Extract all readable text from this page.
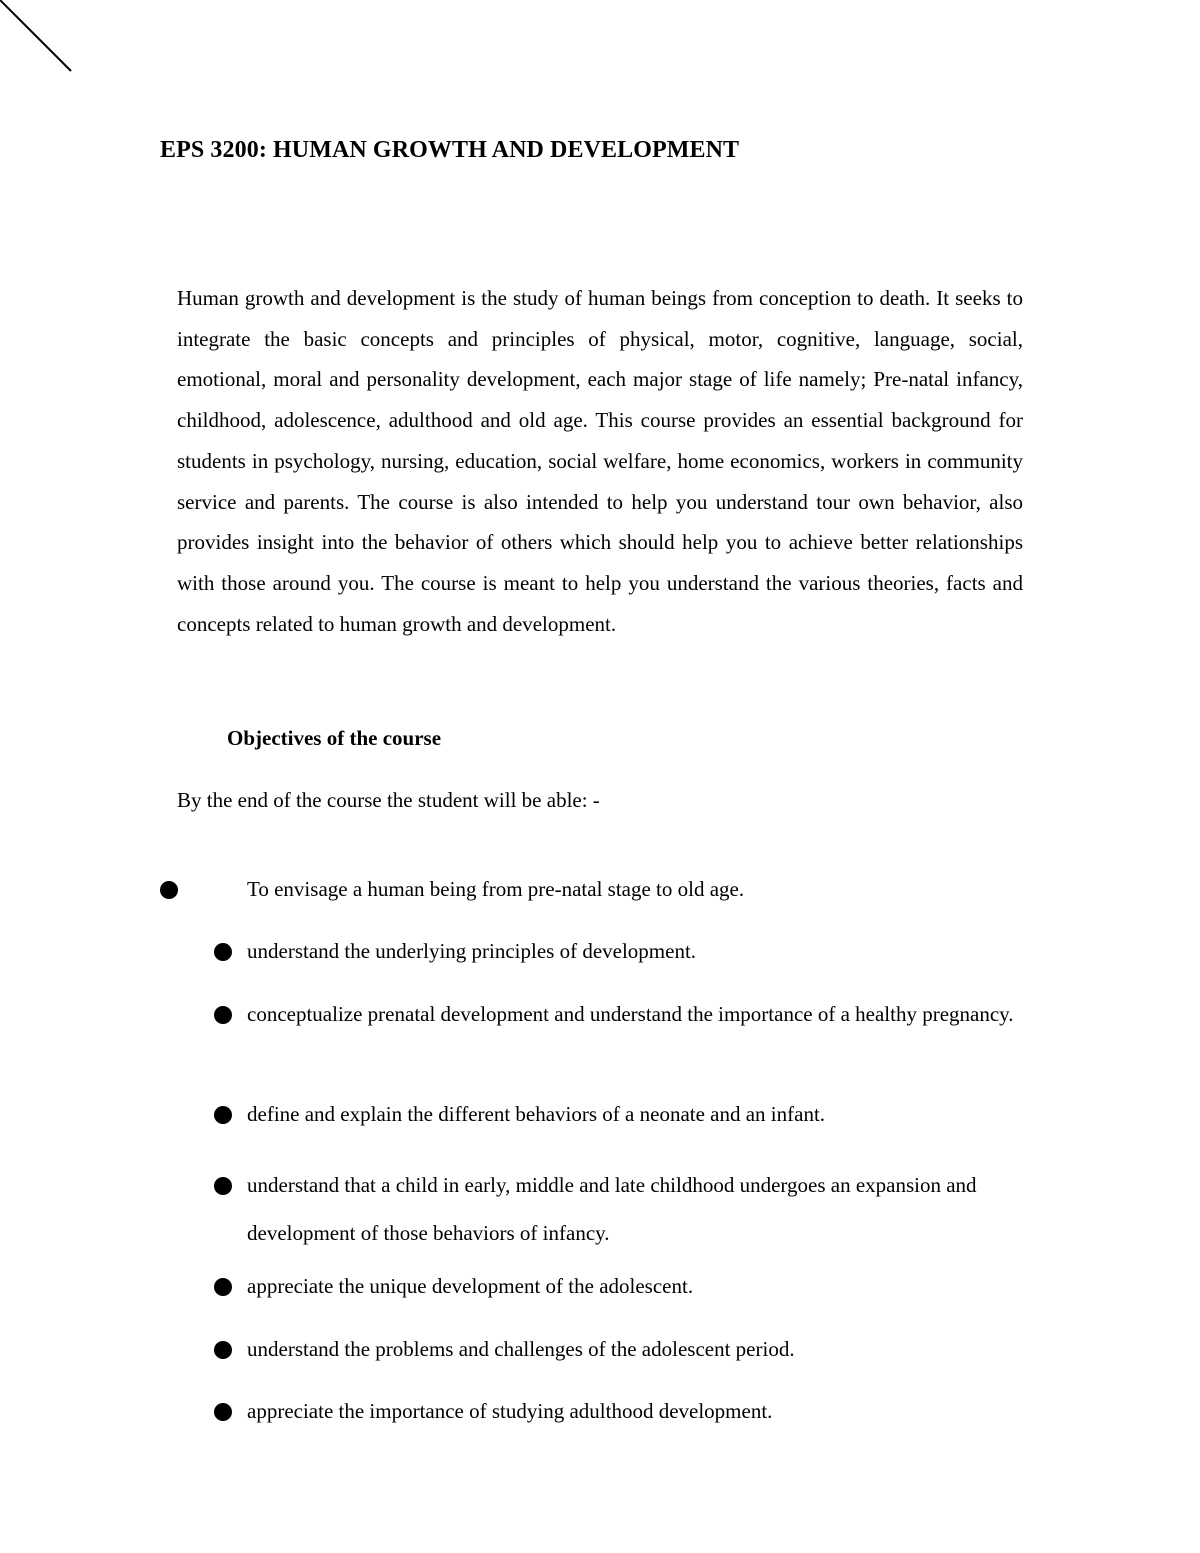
EPS 3200: HUMAN GROWTH AND DEVELOPMENT

Human growth and development is the study of human beings from conception to death. It seeks to integrate the basic concepts and principles of physical, motor, cognitive, language, social, emotional, moral and personality development, each major stage of life namely; Pre-natal infancy, childhood, adolescence, adulthood and old age. This course provides an essential background for students in psychology, nursing, education, social welfare, home economics, workers in community service and parents. The course is also intended to help you understand tour own behavior, also provides insight into the behavior of others which should help you to achieve better relationships with those around you. The course is meant to help you understand the various theories, facts and concepts related to human growth and development.

Objectives of the course

By the end of the course the student will be able: -

To envisage a human being from pre-natal stage to old age.

understand the underlying principles of development.

conceptualize prenatal development and understand the importance of a healthy pregnancy.

define and explain the different behaviors of a neonate and an infant.

understand that a child in early, middle and late childhood undergoes an expansion and development of those behaviors of infancy.

appreciate the unique development of the adolescent.

understand the problems and challenges of the adolescent period.

appreciate the importance of studying adulthood development.
